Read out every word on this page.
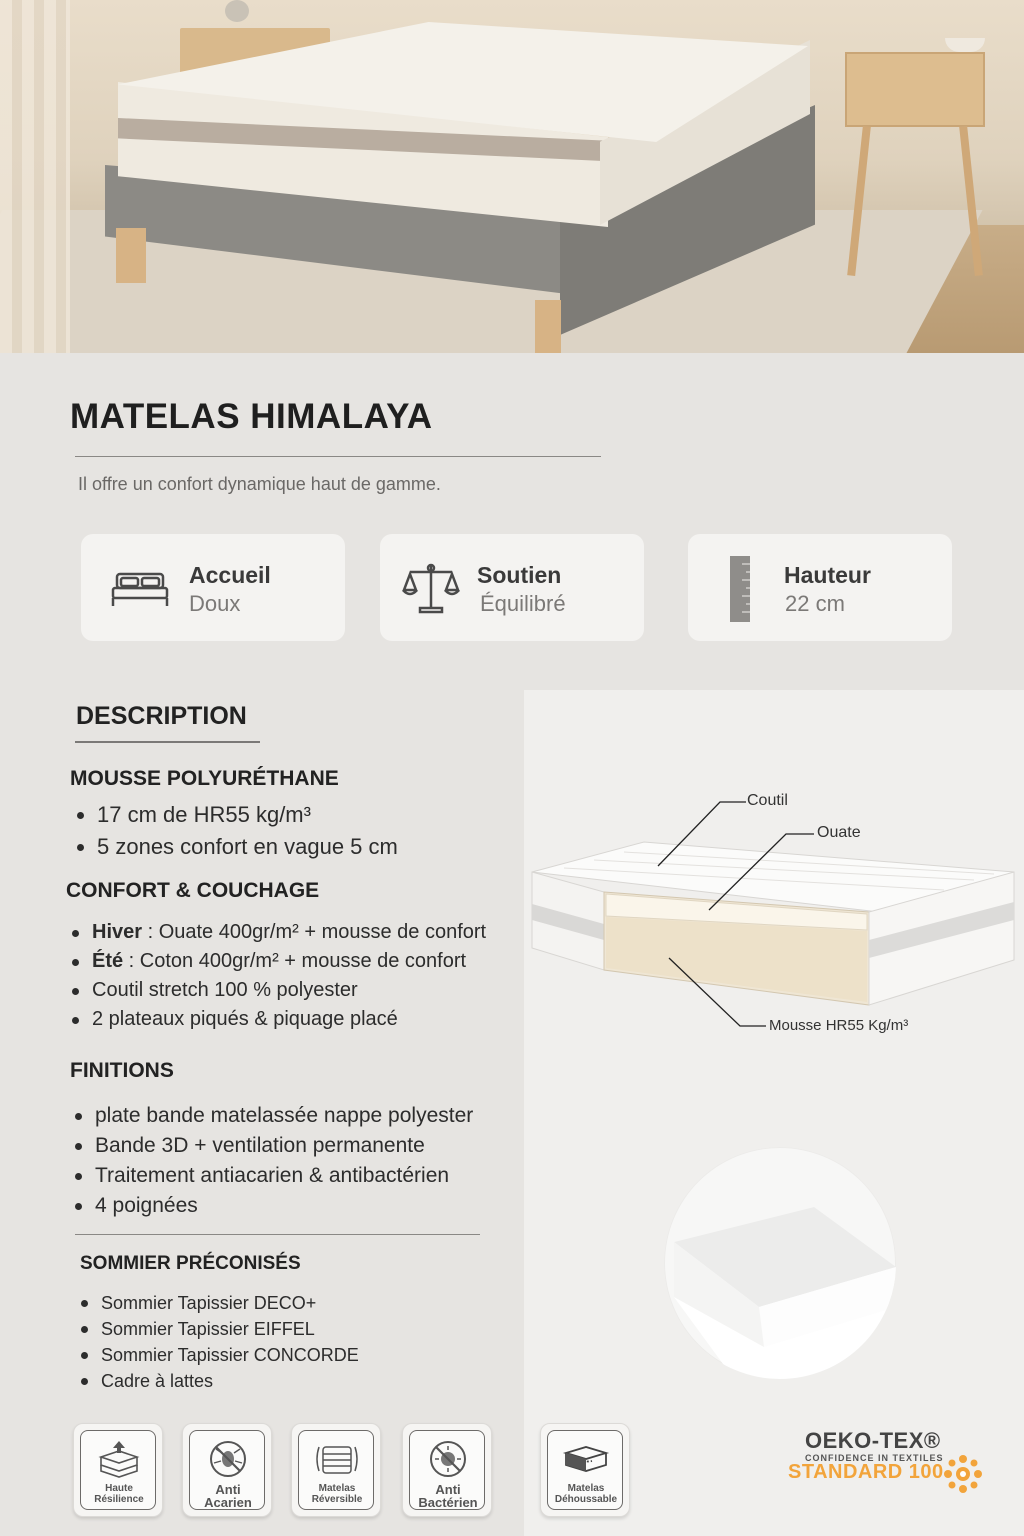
MATELAS HIMALAYA
Il offre un confort dynamique haut de gamme.
Accueil
Doux
Soutien
Équilibré
Hauteur
22 cm
DESCRIPTION
MOUSSE POLYURÉTHANE
17 cm de HR55 kg/m³
5 zones confort en vague 5 cm
CONFORT & COUCHAGE
Hiver : Ouate 400gr/m² + mousse de confort
Été : Coton 400gr/m² + mousse de confort
Coutil stretch 100 % polyester
2 plateaux piqués & piquage placé
FINITIONS
plate bande matelassée nappe polyester
Bande 3D + ventilation permanente
Traitement antiacarien & antibactérien
4 poignées
SOMMIER PRÉCONISÉS
Sommier Tapissier DECO+
Sommier Tapissier EIFFEL
Sommier Tapissier CONCORDE
Cadre à lattes
Coutil
Ouate
Mousse HR55 Kg/m³
Haute
Résilience
Anti
Acarien
Matelas
Réversible
Anti
Bactérien
Matelas
Déhoussable
OEKO-TEX®
CONFIDENCE IN TEXTILES
STANDARD 100
